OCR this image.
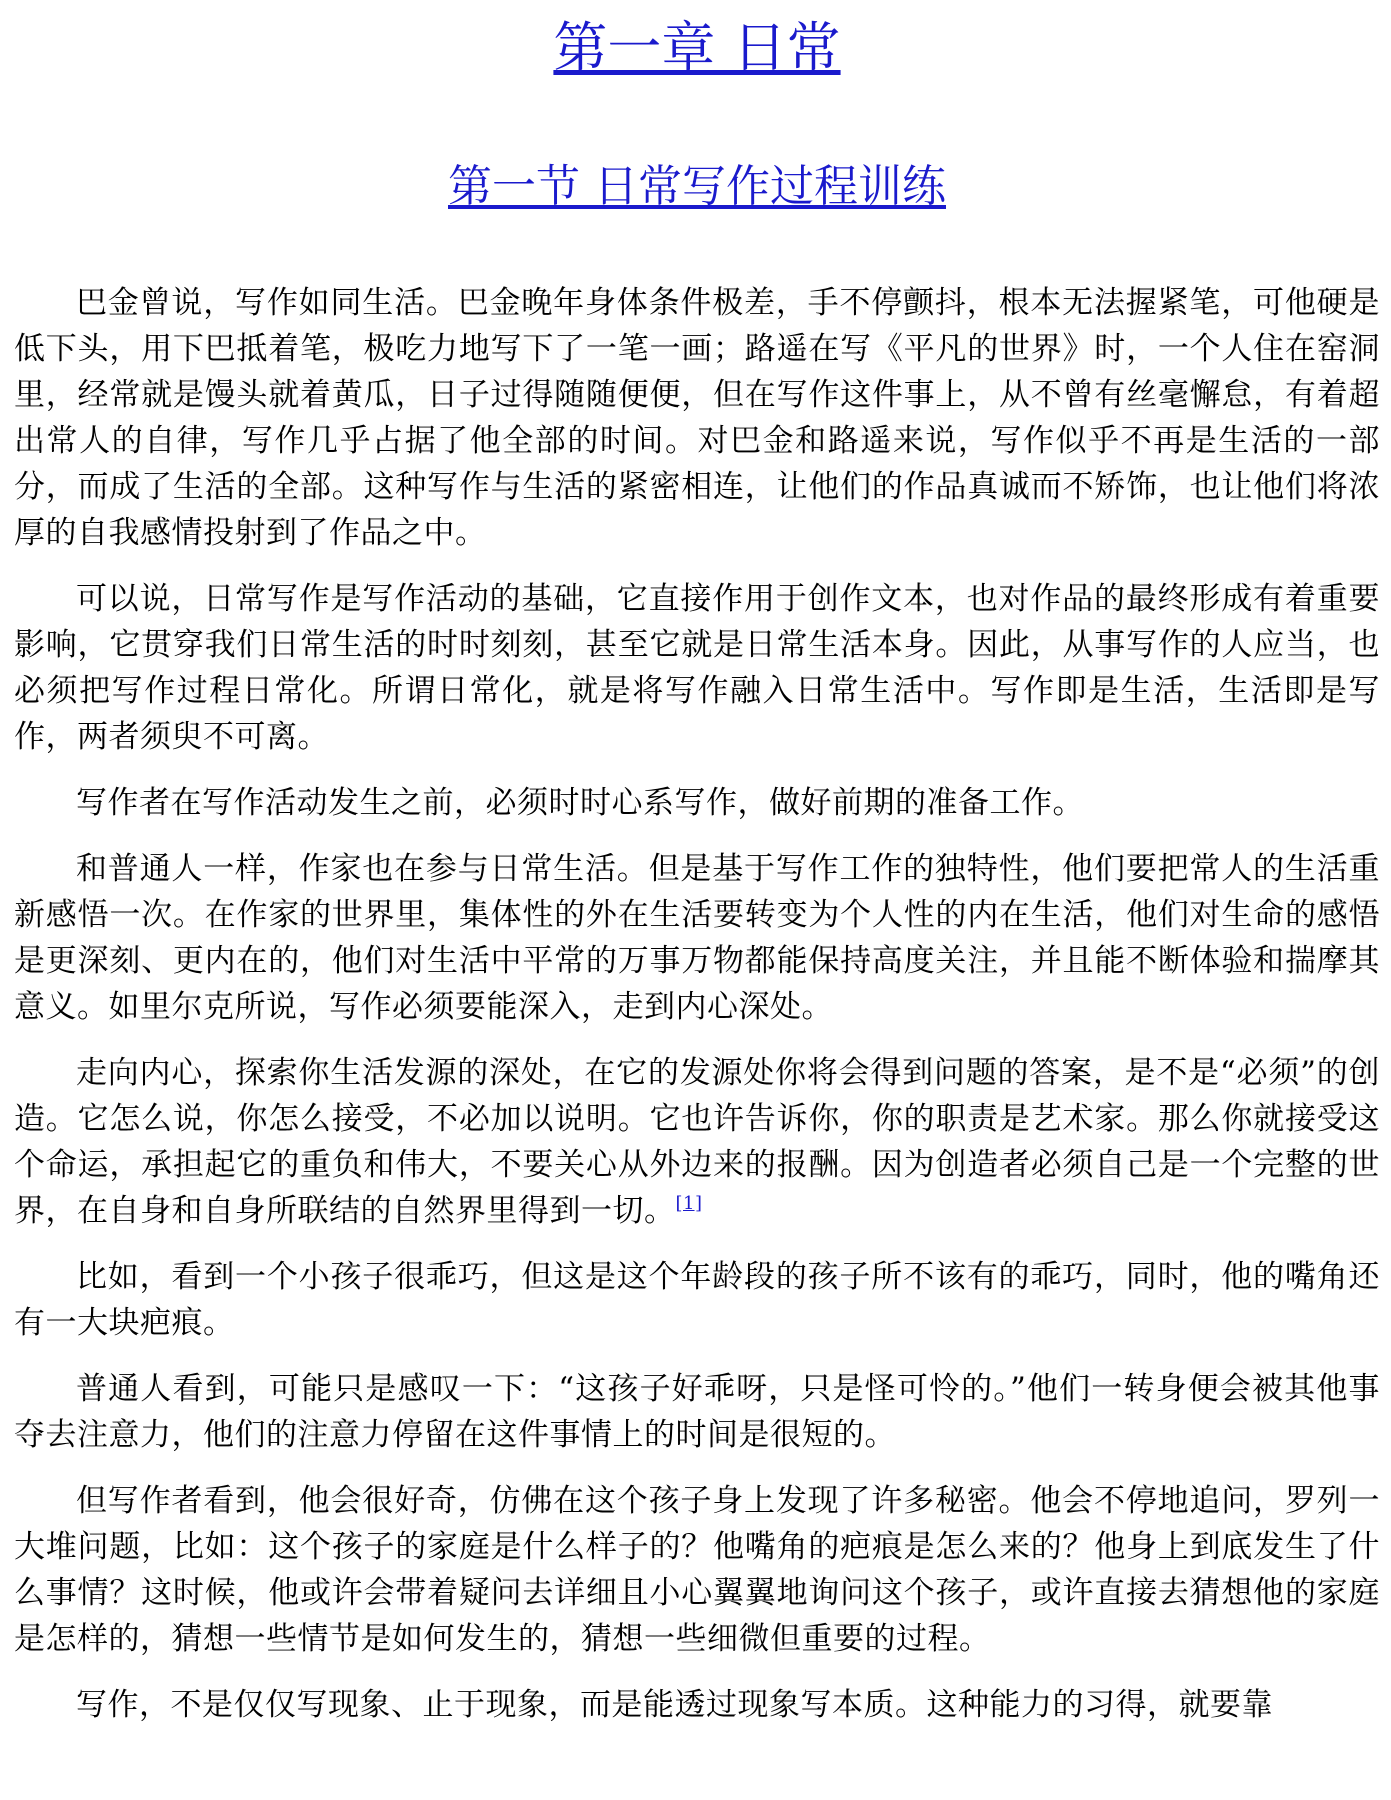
第一章 日常
第一节 日常写作过程训练

巴金曾说，写作如同生活。巴金晚年身体条件极差，手不停颤抖，根本无法握紧笔，可他硬是低下头，用下巴抵着笔，极吃力地写下了一笔一画；路遥在写《平凡的世界》时，一个人住在窑洞里，经常就是馒头就着黄瓜，日子过得随随便便，但在写作这件事上，从不曾有丝毫懈怠，有着超出常人的自律，写作几乎占据了他全部的时间。对巴金和路遥来说，写作似乎不再是生活的一部分，而成了生活的全部。这种写作与生活的紧密相连，让他们的作品真诚而不矫饰，也让他们将浓厚的自我感情投射到了作品之中。

可以说，日常写作是写作活动的基础，它直接作用于创作文本，也对作品的最终形成有着重要影响，它贯穿我们日常生活的时时刻刻，甚至它就是日常生活本身。因此，从事写作的人应当，也必须把写作过程日常化。所谓日常化，就是将写作融入日常生活中。写作即是生活，生活即是写作，两者须臾不可离。

写作者在写作活动发生之前，必须时时心系写作，做好前期的准备工作。

和普通人一样，作家也在参与日常生活。但是基于写作工作的独特性，他们要把常人的生活重新感悟一次。在作家的世界里，集体性的外在生活要转变为个人性的内在生活，他们对生命的感悟是更深刻、更内在的，他们对生活中平常的万事万物都能保持高度关注，并且能不断体验和揣摩其意义。如里尔克所说，写作必须要能深入，走到内心深处。

走向内心，探索你生活发源的深处，在它的发源处你将会得到问题的答案，是不是“必须”的创造。它怎么说，你怎么接受，不必加以说明。它也许告诉你，你的职责是艺术家。那么你就接受这个命运，承担起它的重负和伟大，不要关心从外边来的报酬。因为创造者必须自己是一个完整的世界，在自身和自身所联结的自然界里得到一切。[1]

比如，看到一个小孩子很乖巧，但这是这个年龄段的孩子所不该有的乖巧，同时，他的嘴角还有一大块疤痕。

普通人看到，可能只是感叹一下：“这孩子好乖呀，只是怪可怜的。”他们一转身便会被其他事夺去注意力，他们的注意力停留在这件事情上的时间是很短的。

但写作者看到，他会很好奇，仿佛在这个孩子身上发现了许多秘密。他会不停地追问，罗列一大堆问题，比如：这个孩子的家庭是什么样子的？他嘴角的疤痕是怎么来的？他身上到底发生了什么事情？这时候，他或许会带着疑问去详细且小心翼翼地询问这个孩子，或许直接去猜想他的家庭是怎样的，猜想一些情节是如何发生的，猜想一些细微但重要的过程。

写作，不是仅仅写现象、止于现象，而是能透过现象写本质。这种能力的习得，就要靠
